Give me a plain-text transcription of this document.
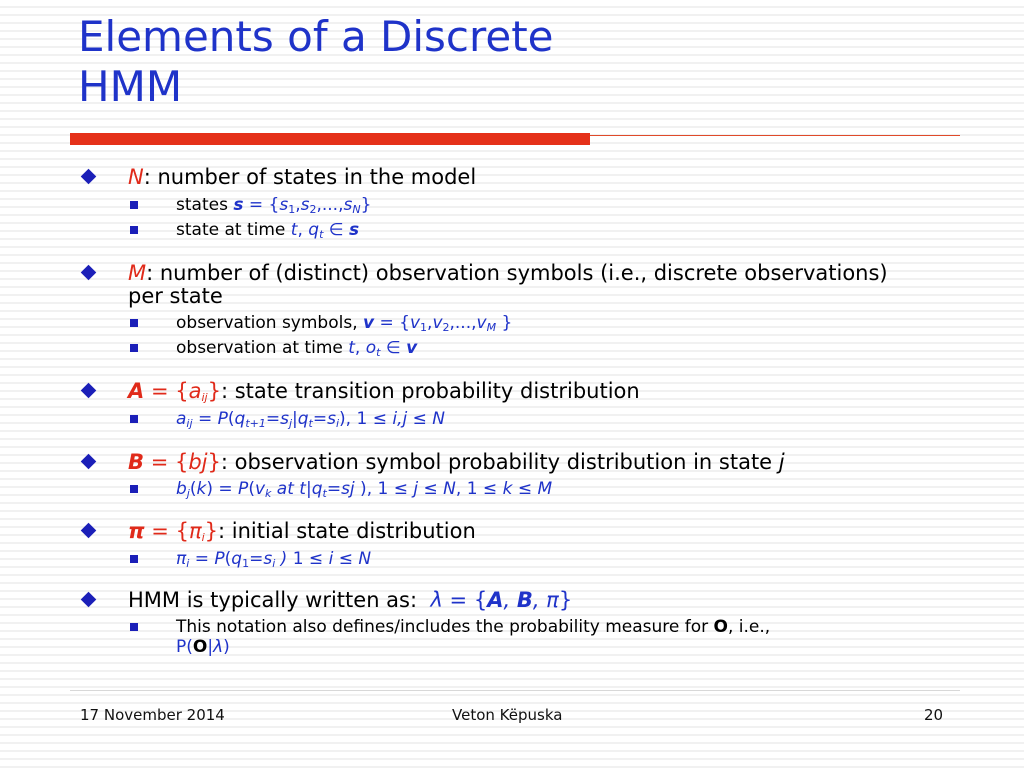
Elements of a Discrete
HMM
N: number of states in the model
states $s = \{s_1,s_2,...,s_N\}$
state at time t, $q_t$ ∈ s
M: number of (distinct) observation symbols (i.e., discrete observations) per state
observation symbols, $v = \{v_1,v_2,...,v_M$ }
observation at time t, $o_t$ ∈ v
$A = \{a_{ij}\}$: state transition probability distribution
$a_{ij} = P(q_{t+1}=s_j|q_t=s_i)$, 1 ≤ i,j ≤ N
B = {bj}: observation symbol probability distribution in state j
$b_j(k) = P(v_k$ at $t|q_t=sj$ ), 1 ≤ j ≤ N, 1 ≤ k ≤ M
$\pi = \{\pi_i\}$: initial state distribution
$\pi_i = P(q_1=s_i$ ) 1 ≤ i ≤ N
HMM is typically written as: λ = {A, B, π}
This notation also defines/includes the probability measure for O, i.e.,
P(O|λ)
17 November 2014	Veton Këpuska	20
